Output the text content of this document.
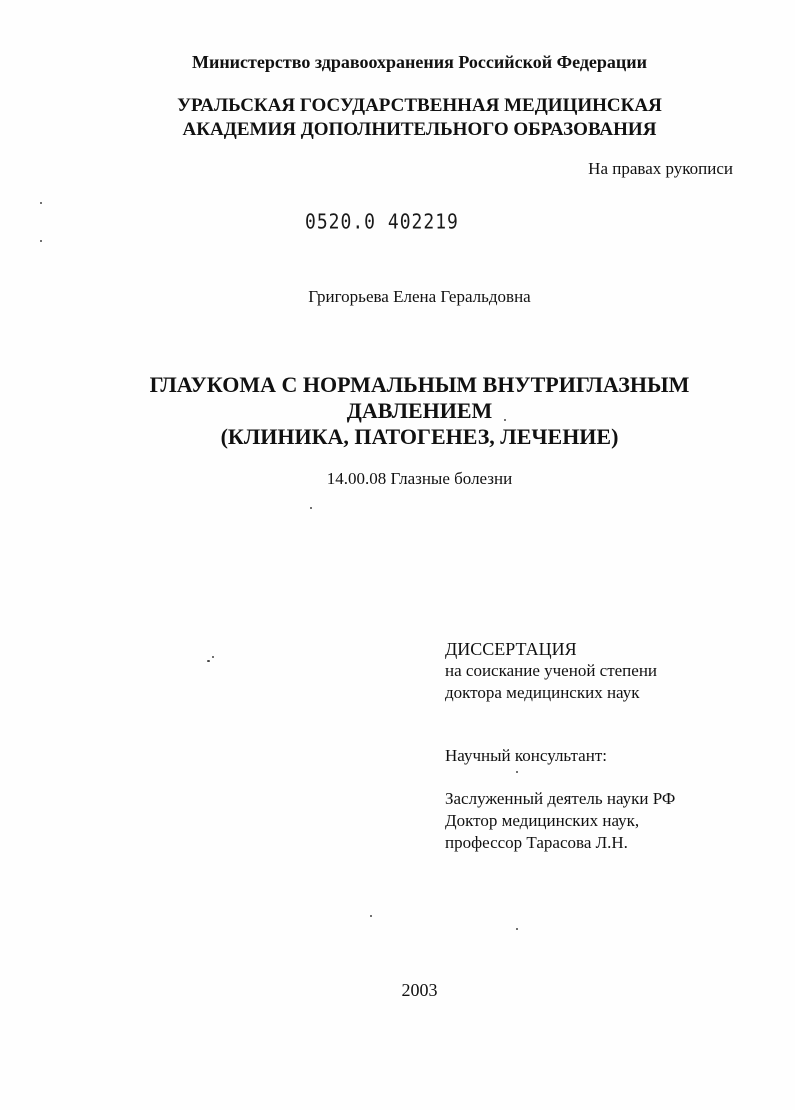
Министерство здравоохранения Российской Федерации
УРАЛЬСКАЯ ГОСУДАРСТВЕННАЯ МЕДИЦИНСКАЯ
АКАДЕМИЯ ДОПОЛНИТЕЛЬНОГО ОБРАЗОВАНИЯ
На правах рукописи
0520.0 402219
Григорьева Елена Геральдовна
ГЛАУКОМА С НОРМАЛЬНЫМ ВНУТРИГЛАЗНЫМ
ДАВЛЕНИЕМ
(КЛИНИКА, ПАТОГЕНЕЗ, ЛЕЧЕНИЕ)
14.00.08 Глазные болезни
ДИССЕРТАЦИЯ
на соискание ученой степени
доктора медицинских наук
Научный консультант:
Заслуженный деятель науки РФ
Доктор медицинских наук,
профессор Тарасова Л.Н.
2003
